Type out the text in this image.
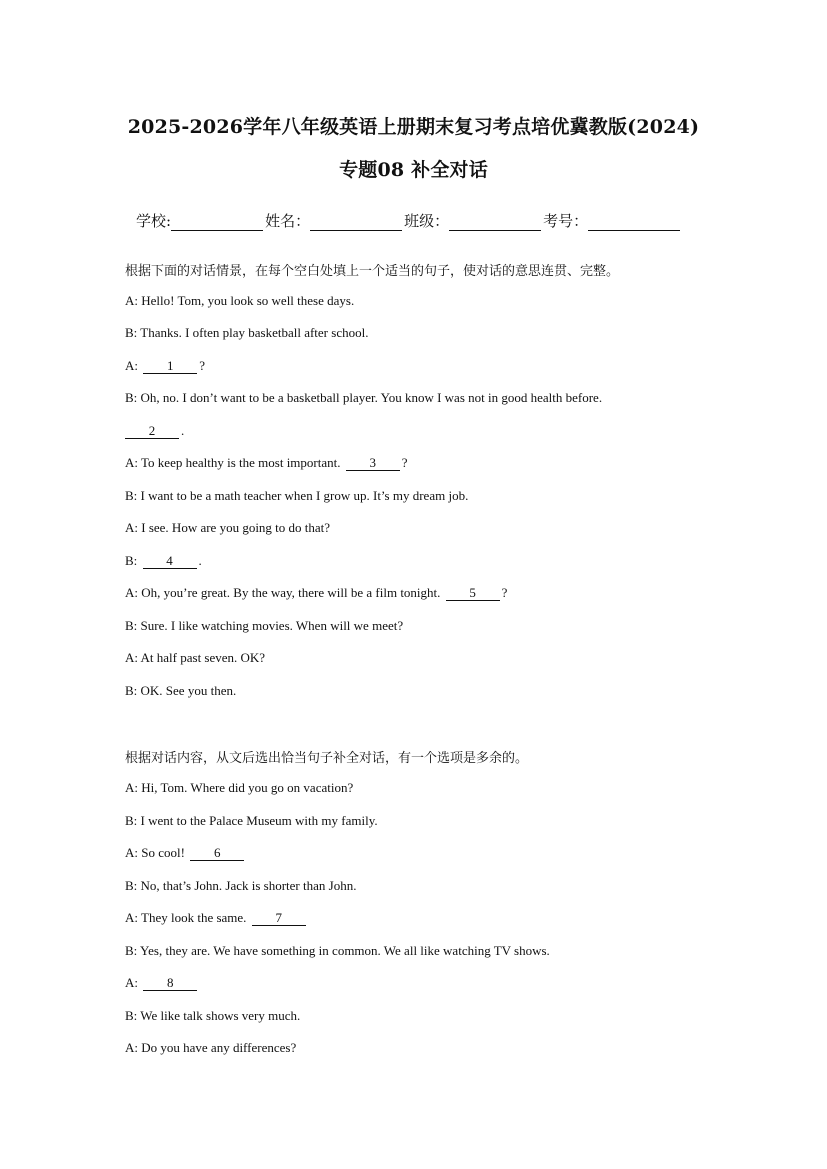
2025-2026学年八年级英语上册期末复习考点培优冀教版(2024)
专题08 补全对话
学校:	姓名：	班级：	考号：
根据下面的对话情景，在每个空白处填上一个适当的句子，使对话的意思连贯、完整。
A: Hello! Tom, you look so well these days.
B: Thanks. I often play basketball after school.
A: 1 ?
B: Oh, no. I don’t want to be a basketball player. You know I was not in good health before.
2 .
A: To keep healthy is the most important. 3 ?
B: I want to be a math teacher when I grow up. It’s my dream job.
A: I see. How are you going to do that?
B: 4 .
A: Oh, you’re great. By the way, there will be a film tonight. 5 ?
B: Sure. I like watching movies. When will we meet?
A: At half past seven. OK?
B: OK. See you then.
根据对话内容，从文后选出恰当句子补全对话，有一个选项是多余的。
A: Hi, Tom. Where did you go on vacation?
B: I went to the Palace Museum with my family.
A: So cool! 6
B: No, that’s John. Jack is shorter than John.
A: They look the same. 7
B: Yes, they are. We have something in common. We all like watching TV shows.
A: 8
B: We like talk shows very much.
A: Do you have any differences?
